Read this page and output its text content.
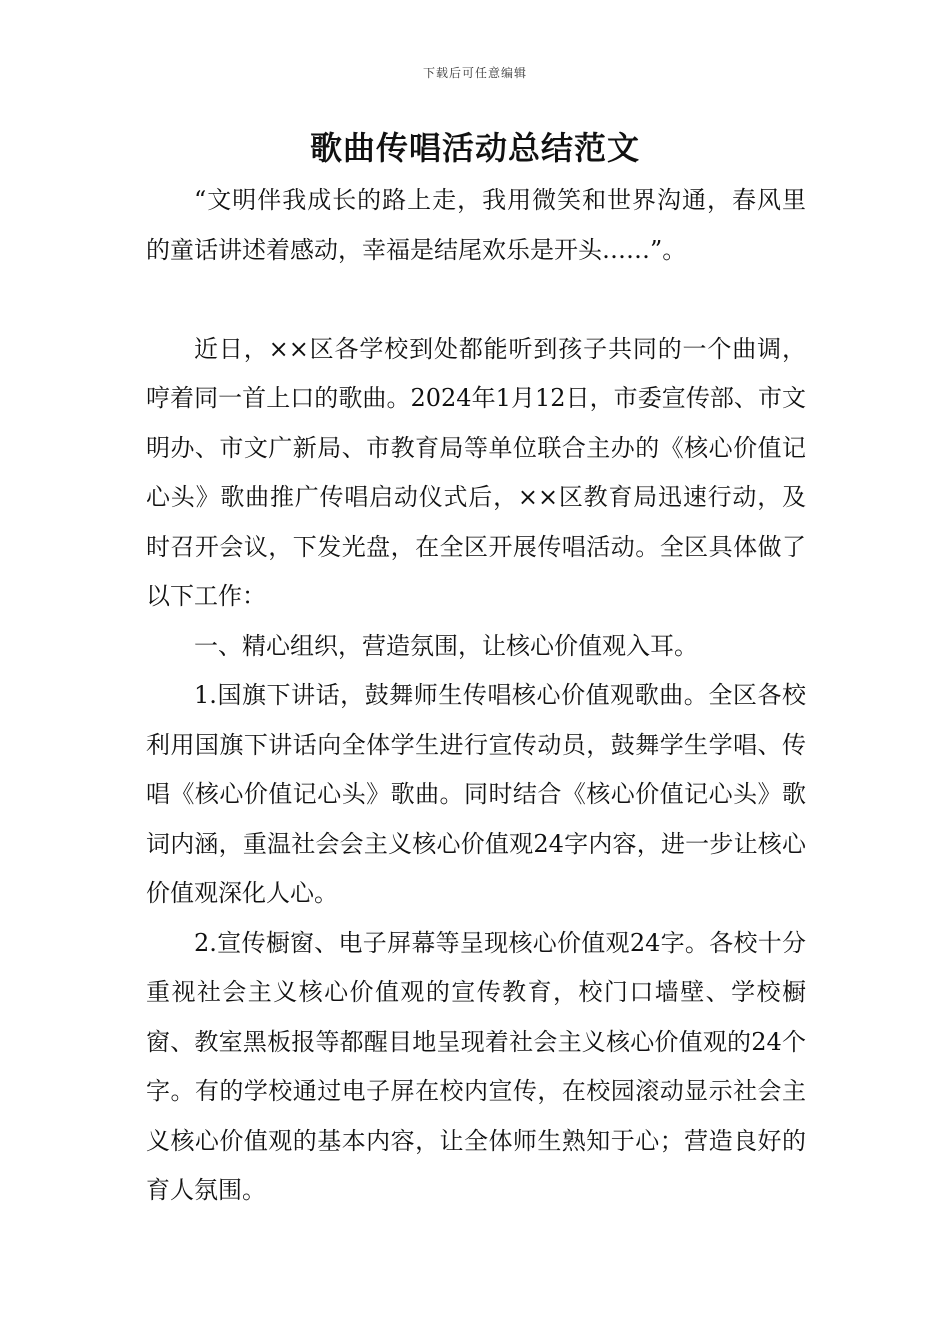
下载后可任意编辑
歌曲传唱活动总结范文

“文明伴我成长的路上走，我用微笑和世界沟通，春风里的童话讲述着感动，幸福是结尾欢乐是开头……”。

近日，××区各学校到处都能听到孩子共同的一个曲调，哼着同一首上口的歌曲。2024年1月12日，市委宣传部、市文明办、市文广新局、市教育局等单位联合主办的《核心价值记心头》歌曲推广传唱启动仪式后，××区教育局迅速行动，及时召开会议，下发光盘，在全区开展传唱活动。全区具体做了以下工作：

一、精心组织，营造氛围，让核心价值观入耳。

1.国旗下讲话，鼓舞师生传唱核心价值观歌曲。全区各校利用国旗下讲话向全体学生进行宣传动员，鼓舞学生学唱、传唱《核心价值记心头》歌曲。同时结合《核心价值记心头》歌词内涵，重温社会会主义核心价值观24字内容，进一步让核心价值观深化人心。

2.宣传橱窗、电子屏幕等呈现核心价值观24字。各校十分重视社会主义核心价值观的宣传教育，校门口墙壁、学校橱窗、教室黑板报等都醒目地呈现着社会主义核心价值观的24个字。有的学校通过电子屏在校内宣传，在校园滚动显示社会主义核心价值观的基本内容，让全体师生熟知于心；营造良好的育人氛围。
